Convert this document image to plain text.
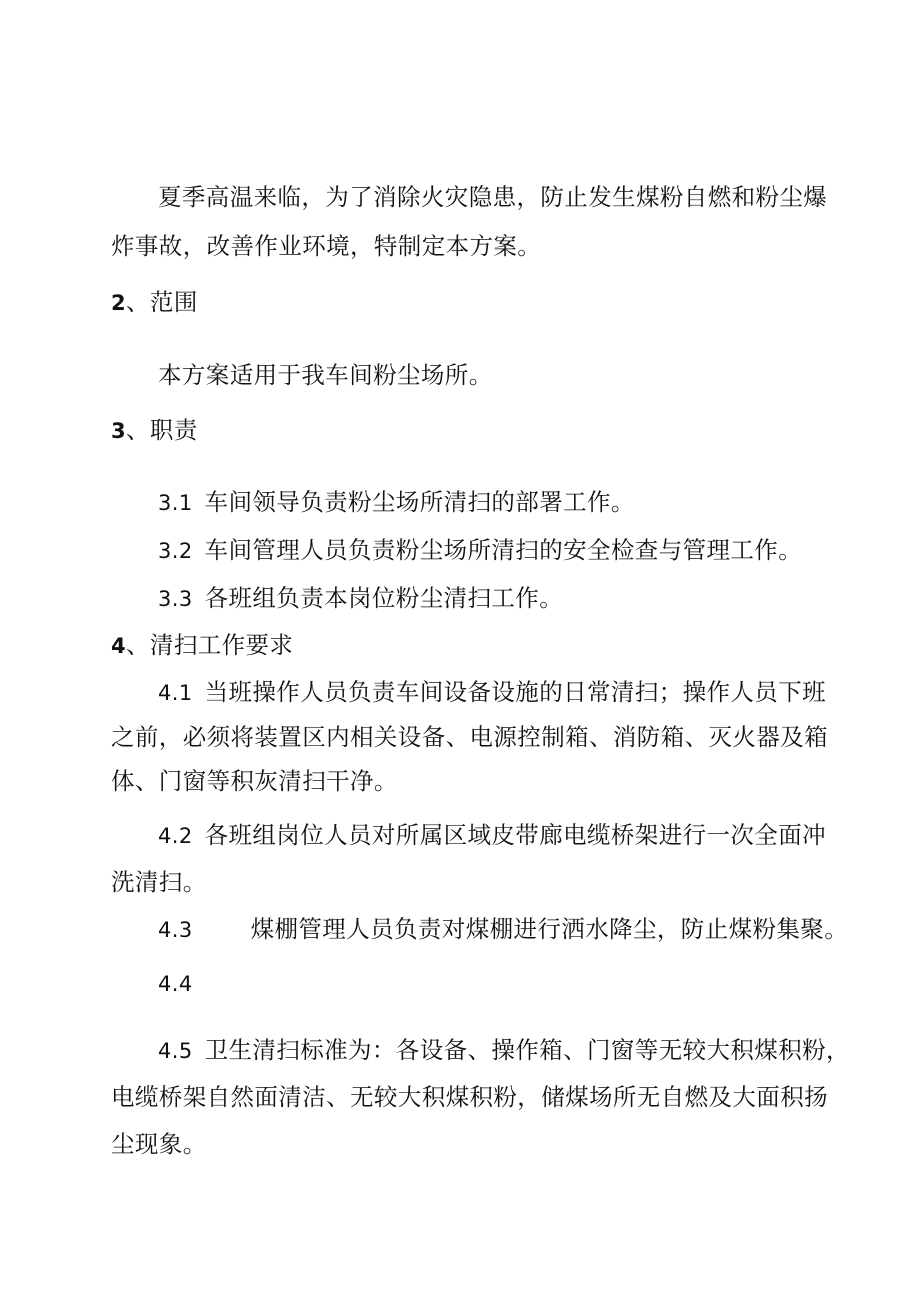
夏季高温来临，为了消除火灾隐患，防止发生煤粉自燃和粉尘爆
炸事故，改善作业环境，特制定本方案。
2、范围
本方案适用于我车间粉尘场所。
3、职责
3.1 车间领导负责粉尘场所清扫的部署工作。
3.2 车间管理人员负责粉尘场所清扫的安全检查与管理工作。
3.3 各班组负责本岗位粉尘清扫工作。
4、清扫工作要求
4.1 当班操作人员负责车间设备设施的日常清扫；操作人员下班
之前，必须将装置区内相关设备、电源控制箱、消防箱、灭火器及箱
体、门窗等积灰清扫干净。
4.2 各班组岗位人员对所属区域皮带廊电缆桥架进行一次全面冲
洗清扫。
4.3 煤棚管理人员负责对煤棚进行洒水降尘，防止煤粉集聚。
4.4
4.5 卫生清扫标准为：各设备、操作箱、门窗等无较大积煤积粉，
电缆桥架自然面清洁、无较大积煤积粉，储煤场所无自燃及大面积扬
尘现象。
